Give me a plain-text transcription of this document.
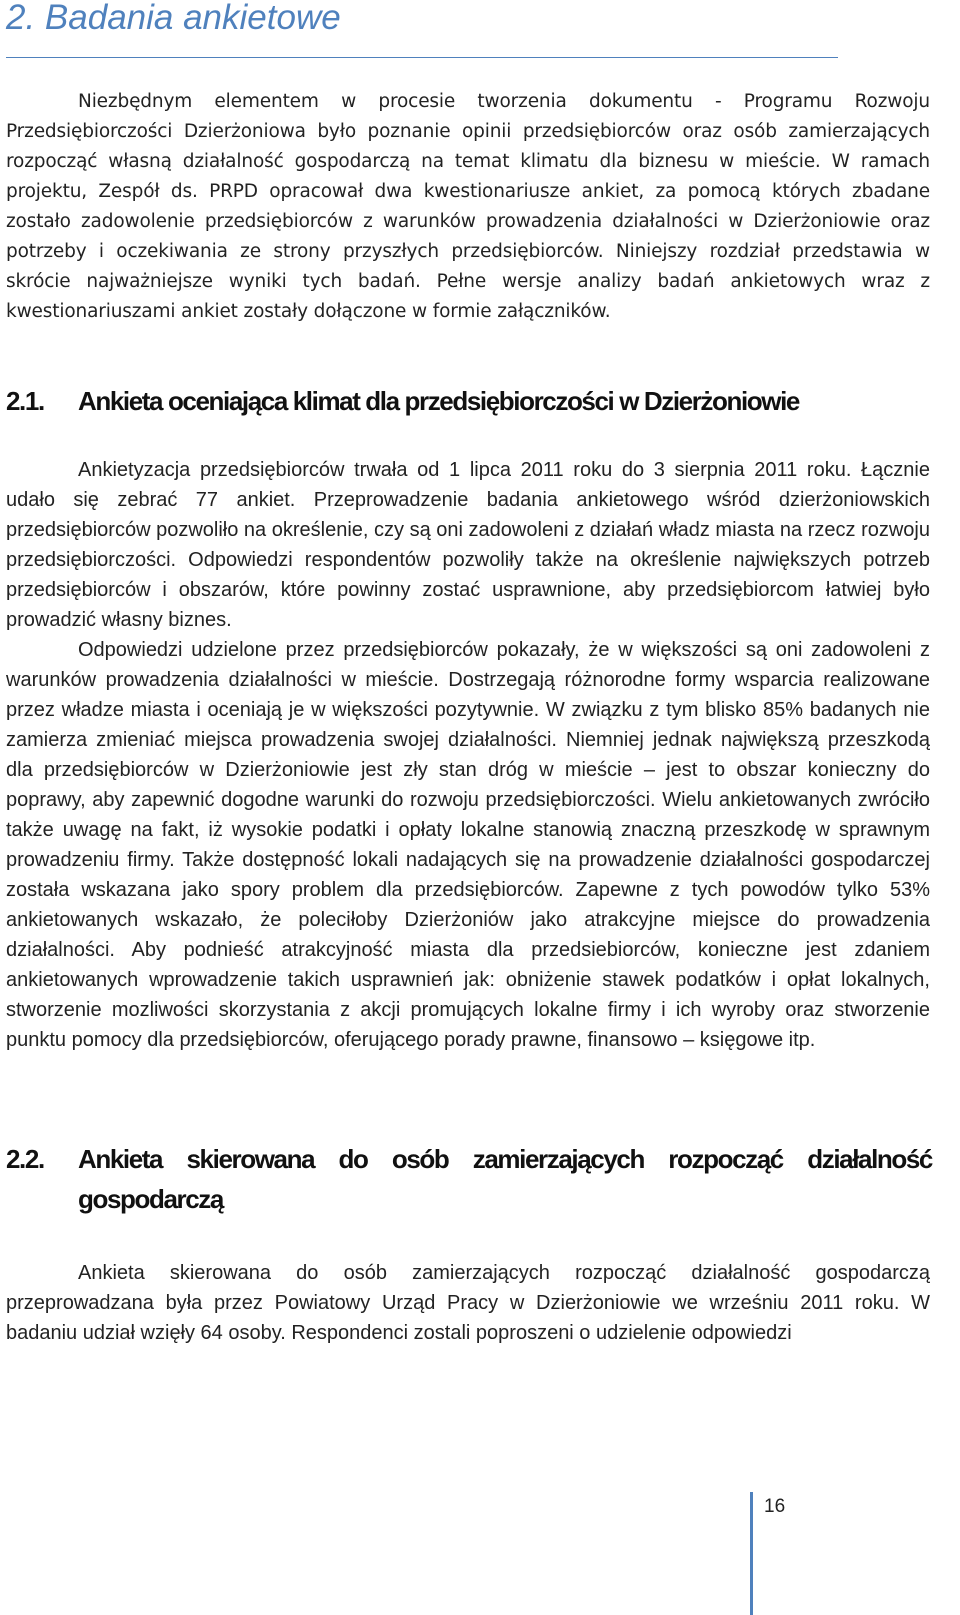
2. Badania ankietowe

Niezbędnym elementem w procesie tworzenia dokumentu - Programu Rozwoju Przedsiębiorczości Dzierżoniowa było poznanie opinii przedsiębiorców oraz osób zamierzających rozpocząć własną działalność gospodarczą na temat klimatu dla biznesu w mieście. W ramach projektu, Zespół ds. PRPD opracował dwa kwestionariusze ankiet, za pomocą których zbadane zostało zadowolenie przedsiębiorców z warunków prowadzenia działalności w Dzierżoniowie oraz potrzeby i oczekiwania ze strony przyszłych przedsiębiorców. Niniejszy rozdział przedstawia w skrócie najważniejsze wyniki tych badań. Pełne wersje analizy badań ankietowych wraz z kwestionariuszami ankiet zostały dołączone w formie załączników.

2.1. Ankieta oceniająca klimat dla przedsiębiorczości w Dzierżoniowie

Ankietyzacja przedsiębiorców trwała od 1 lipca 2011 roku do 3 sierpnia 2011 roku. Łącznie udało się zebrać 77 ankiet. Przeprowadzenie badania ankietowego wśród dzierżoniowskich przedsiębiorców pozwoliło na określenie, czy są oni zadowoleni z działań władz miasta na rzecz rozwoju przedsiębiorczości. Odpowiedzi respondentów pozwoliły także na określenie największych potrzeb przedsiębiorców i obszarów, które powinny zostać usprawnione, aby przedsiębiorcom łatwiej było prowadzić własny biznes.

Odpowiedzi udzielone przez przedsiębiorców pokazały, że w większości są oni zadowoleni z warunków prowadzenia działalności w mieście. Dostrzegają różnorodne formy wsparcia realizowane przez władze miasta i oceniają je w większości pozytywnie. W związku z tym blisko 85% badanych nie zamierza zmieniać miejsca prowadzenia swojej działalności. Niemniej jednak największą przeszkodą dla przedsiębiorców w Dzierżoniowie jest zły stan dróg w mieście – jest to obszar konieczny do poprawy, aby zapewnić dogodne warunki do rozwoju przedsiębiorczości. Wielu ankietowanych zwróciło także uwagę na fakt, iż wysokie podatki i opłaty lokalne stanowią znaczną przeszkodę w sprawnym prowadzeniu firmy. Także dostępność lokali nadających się na prowadzenie działalności gospodarczej została wskazana jako spory problem dla przedsiębiorców. Zapewne z tych powodów tylko 53% ankietowanych wskazało, że poleciłoby Dzierżoniów jako atrakcyjne miejsce do prowadzenia działalności. Aby podnieść atrakcyjność miasta dla przedsiebiorców, konieczne jest zdaniem ankietowanych wprowadzenie takich usprawnień jak: obniżenie stawek podatków i opłat lokalnych, stworzenie mozliwości skorzystania z akcji promujących lokalne firmy i ich wyroby oraz stworzenie punktu pomocy dla przedsiębiorców, oferującego porady prawne, finansowo – księgowe itp.

2.2. Ankieta skierowana do osób zamierzających rozpocząć działalność gospodarczą

Ankieta skierowana do osób zamierzających rozpocząć działalność gospodarczą przeprowadzana była przez Powiatowy Urząd Pracy w Dzierżoniowie we wrześniu 2011 roku. W badaniu udział wzięły 64 osoby. Respondenci zostali poproszeni o udzielenie odpowiedzi

16
